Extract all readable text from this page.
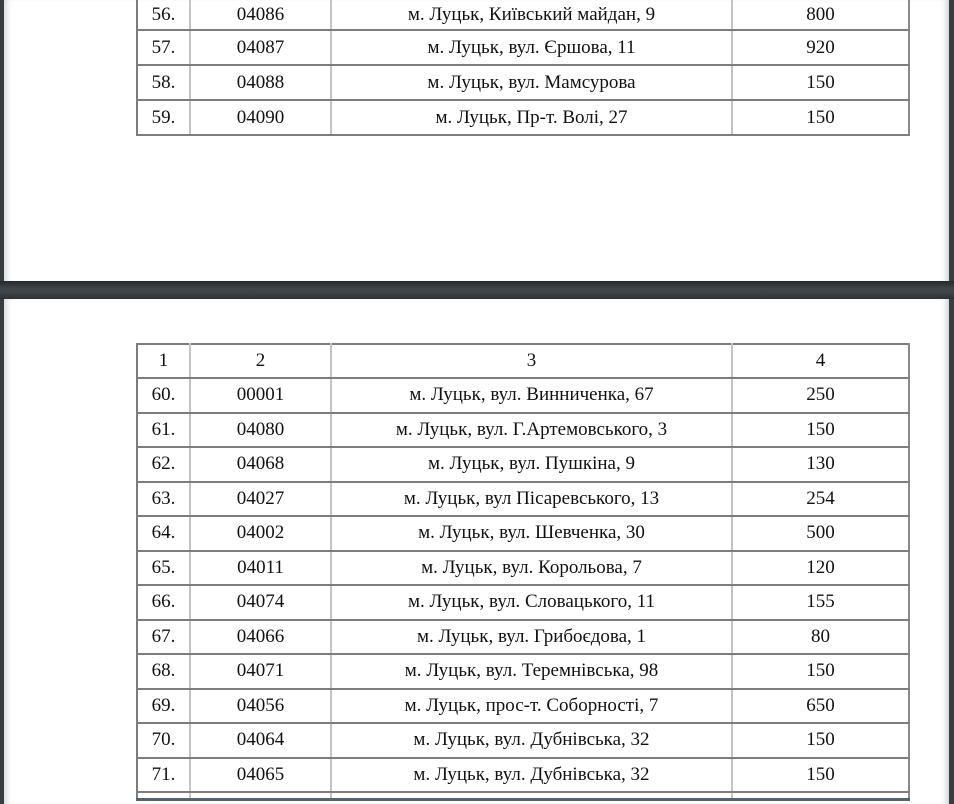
56.	04086	м. Луцьк, Київський майдан, 9	800
57.	04087	м. Луцьк, вул. Єршова, 11	920
58.	04088	м. Луцьк, вул. Мамсурова	150
59.	04090	м. Луцьк, Пр-т. Волі, 27	150
1	2	3	4
60.	00001	м. Луцьк, вул. Винниченка, 67	250
61.	04080	м. Луцьк, вул. Г.Артемовського, 3	150
62.	04068	м. Луцьк, вул. Пушкіна, 9	130
63.	04027	м. Луцьк, вул Пісаревського, 13	254
64.	04002	м. Луцьк, вул. Шевченка, 30	500
65.	04011	м. Луцьк, вул. Корольова, 7	120
66.	04074	м. Луцьк, вул. Словацького, 11	155
67.	04066	м. Луцьк, вул. Грибоєдова, 1	80
68.	04071	м. Луцьк, вул. Теремнівська, 98	150
69.	04056	м. Луцьк, прос-т. Соборності, 7	650
70.	04064	м. Луцьк, вул. Дубнівська, 32	150
71.	04065	м. Луцьк, вул. Дубнівська, 32	150
